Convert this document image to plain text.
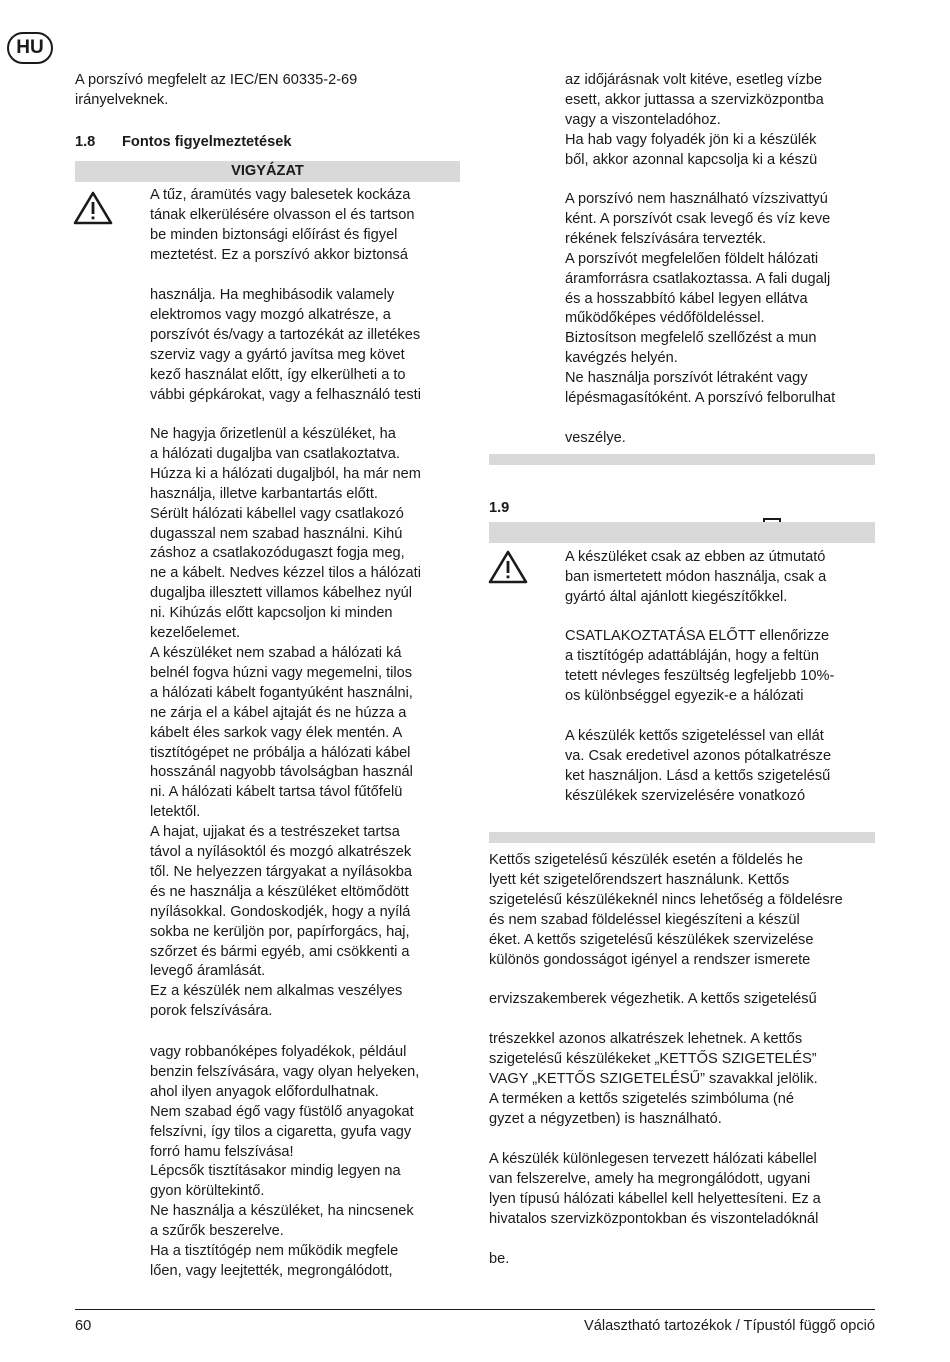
HU
A porszívó megfelelt az IEC/EN 60335-2-69
irányelveknek.
1.8 Fontos figyelmeztetések
VIGYÁZAT
A tűz, áramütés vagy balesetek kockáza
tának elkerülésére olvasson el és tartson
be minden biztonsági előírást és figyel
meztetést. Ez a porszívó akkor biztonsá
használja. Ha meghibásodik valamely
elektromos vagy mozgó alkatrésze, a
porszívót és/vagy a tartozékát az illetékes
szerviz vagy a gyártó javítsa meg követ
kező használat előtt, így elkerülheti a to
vábbi gépkárokat, vagy a felhasználó testi
Ne hagyja őrizetlenül a készüléket, ha
a hálózati dugaljba van csatlakoztatva.
Húzza ki a hálózati dugaljból, ha már nem
használja, illetve karbantartás előtt.
Sérült hálózati kábellel vagy csatlakozó
dugasszal nem szabad használni. Kihú
záshoz a csatlakozódugaszt fogja meg,
ne a kábelt. Nedves kézzel tilos a hálózati
dugaljba illesztett villamos kábelhez nyúl
ni. Kihúzás előtt kapcsoljon ki minden
kezelőelemet.
A készüléket nem szabad a hálózati ká
belnél fogva húzni vagy megemelni, tilos
a hálózati kábelt fogantyúként használni,
ne zárja el a kábel ajtaját és ne húzza a
kábelt éles sarkok vagy élek mentén. A
tisztítógépet ne próbálja a hálózati kábel
hosszánál nagyobb távolságban használ
ni. A hálózati kábelt tartsa távol fűtőfelü
letektől.
A hajat, ujjakat és a testrészeket tartsa
távol a nyílásoktól és mozgó alkatrészek
től. Ne helyezzen tárgyakat a nyílásokba
és ne használja a készüléket eltömődött
nyílásokkal. Gondoskodjék, hogy a nyílá
sokba ne kerüljön por, papírforgács, haj,
szőrzet és bármi egyéb, ami csökkenti a
levegő áramlását.
Ez a készülék nem alkalmas veszélyes
porok felszívására.
vagy robbanóképes folyadékok, például
benzin felszívására, vagy olyan helyeken,
ahol ilyen anyagok előfordulhatnak.
Nem szabad égő vagy füstölő anyagokat
felszívni, így tilos a cigaretta, gyufa vagy
forró hamu felszívása!
Lépcsők tisztításakor mindig legyen na
gyon körültekintő.
Ne használja a készüléket, ha nincsenek
a szűrők beszerelve.
Ha a tisztítógép nem működik megfele
lően, vagy leejtették, megrongálódott,
az időjárásnak volt kitéve, esetleg vízbe
esett, akkor juttassa a szervizközpontba
vagy a viszonteladóhoz.
Ha hab vagy folyadék jön ki a készülék
ből, akkor azonnal kapcsolja ki a készü
A porszívó nem használható vízszivattyú
ként. A porszívót csak levegő és víz keve
rékének felszívására tervezték.
A porszívót megfelelően földelt hálózati
áramforrásra csatlakoztassa. A fali dugalj
és a hosszabbító kábel legyen ellátva
működőképes védőföldeléssel.
Biztosítson megfelelő szellőzést a mun
kavégzés helyén.
Ne használja porszívót létraként vagy
lépésmagasítóként. A porszívó felborulhat
veszélye.
1.9

A készüléket csak az ebben az útmutató
ban ismertetett módon használja, csak a
gyártó által ajánlott kiegészítőkkel.
CSATLAKOZTATÁSA ELŐTT ellenőrizze
a tisztítógép adattábláján, hogy a feltün
tetett névleges feszültség legfeljebb 10%-
os különbséggel egyezik-e a hálózati
A készülék kettős szigeteléssel van ellát
va. Csak eredetivel azonos pótalkatrésze
ket használjon. Lásd a kettős szigetelésű
készülékek szervizelésére vonatkozó
Kettős szigetelésű készülék esetén a földelés he
lyett két szigetelőrendszert használunk. Kettős
szigetelésű készülékeknél nincs lehetőség a földelésre
és nem szabad földeléssel kiegészíteni a készül
éket. A kettős szigetelésű készülékek szervizelése
különös gondosságot igényel a rendszer ismerete
ervizszakemberek végezhetik. A kettős szigetelésű
trészekkel azonos alkatrészek lehetnek. A kettős
szigetelésű készülékeket „KETTŐS SZIGETELÉS”
VAGY „KETTŐS SZIGETELÉSŰ” szavakkal jelölik.
A terméken a kettős szigetelés szimbóluma (né
gyzet a négyzetben) is használható.
A készülék különlegesen tervezett hálózati kábellel
van felszerelve, amely ha megrongálódott, ugyani
lyen típusú hálózati kábellel kell helyettesíteni. Ez a
hivatalos szervizközpontokban és viszonteladóknál
be.
60	Választható tartozékok / Típustól függő opció
